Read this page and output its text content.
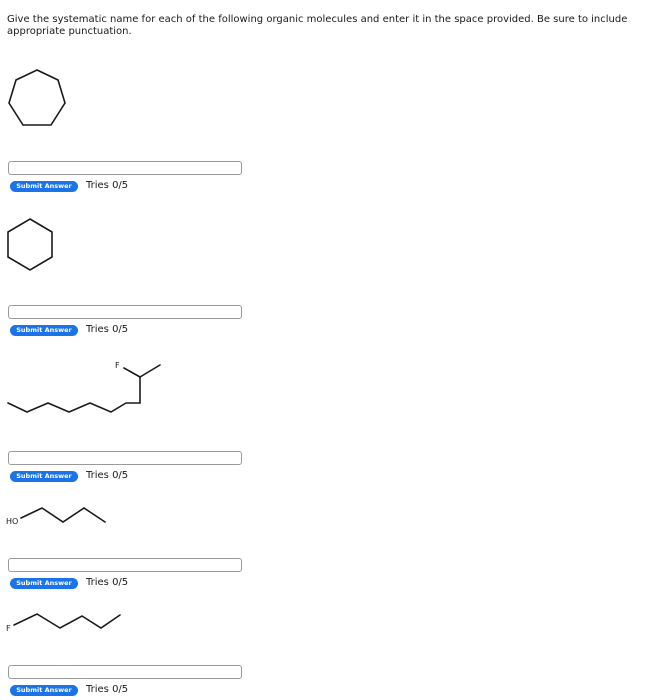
Give the systematic name for each of the following organic molecules and enter it in the space provided. Be sure to include appropriate punctuation.

Submit Answer	Tries 0/5
Submit Answer	Tries 0/5
F
Submit Answer	Tries 0/5
HO
Submit Answer	Tries 0/5
F
Submit Answer	Tries 0/5
